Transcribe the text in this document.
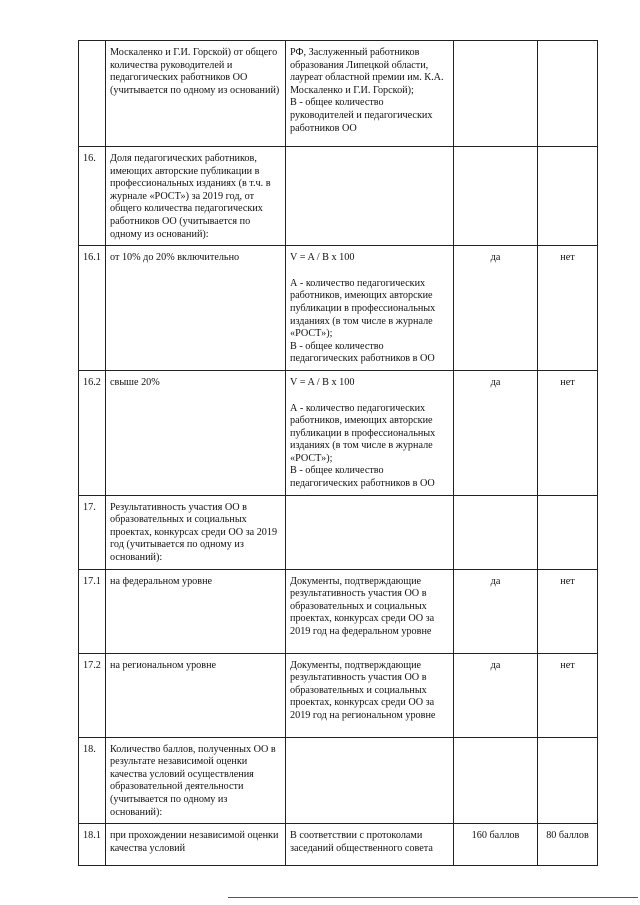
	Москаленко и Г.И. Горской) от общего количества руководителей и педагогических работников ОО (учитывается по одному из оснований)	РФ, Заслуженный работников образования Липецкой области, лауреат областной премии им. К.А. Москаленко и Г.И. Горской);
В - общее количество руководителей и педагогических работников ОО		

16.	Доля педагогических работников, имеющих авторские публикации в профессиональных изданиях (в т.ч. в журнале «РОСТ») за 2019 год, от общего количества педагогических работников ОО (учитывается по одному из оснований):			

16.1	от 10% до 20% включительно	V = A / B x 100
А - количество педагогических работников, имеющих авторские публикации в профессиональных изданиях (в том числе в журнале «РОСТ»);
В - общее количество педагогических работников в ОО	да	нет
16.2	свыше 20%	V = A / B x 100
А - количество педагогических работников, имеющих авторские публикации в профессиональных изданиях (в том числе в журнале «РОСТ»);
В - общее количество педагогических работников в ОО	да	нет
17.	Результативность участия ОО в образовательных и социальных проектах, конкурсах среди ОО за 2019 год (учитывается по одному из оснований):			

17.1	на федеральном уровне	Документы, подтверждающие результативность участия ОО в образовательных и социальных проектах, конкурсах среди ОО за 2019 год на федеральном уровне	да	нет
17.2	на региональном уровне	Документы, подтверждающие результативность участия ОО в образовательных и социальных проектах, конкурсах среди ОО за 2019 год на региональном уровне	да	нет
18.	Количество баллов, полученных ОО в результате независимой оценки качества условий осуществления образовательной деятельности (учитывается по одному из оснований):			

18.1	при прохождении независимой оценки качества условий	В соответствии с протоколами заседаний общественного совета	160 баллов	80 баллов
